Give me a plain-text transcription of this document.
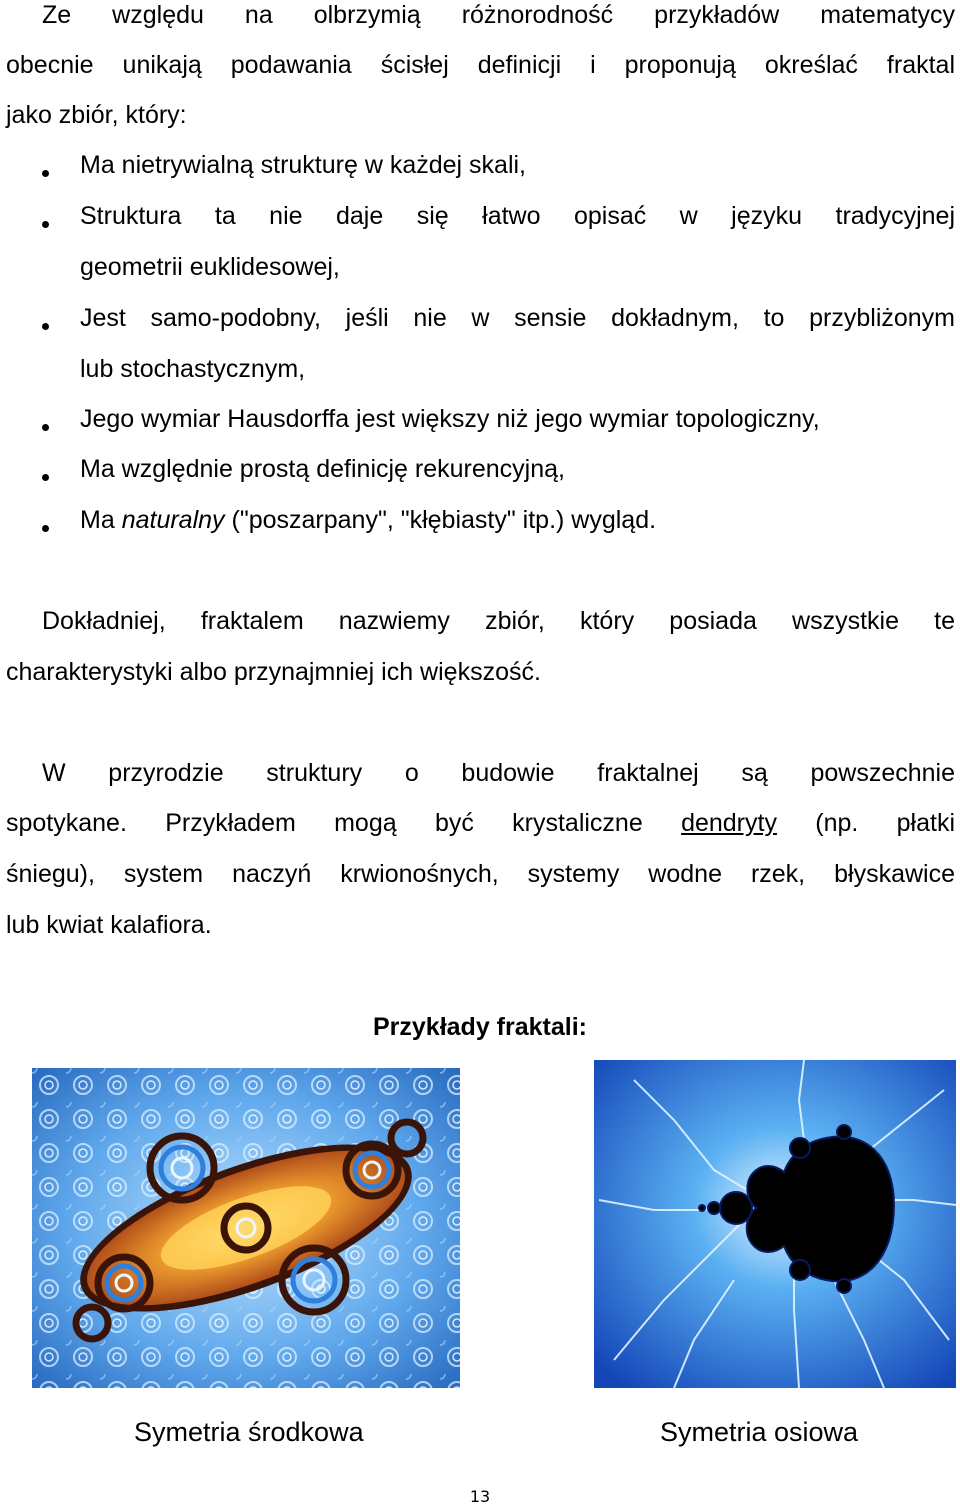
Ze względu na olbrzymią różnorodność przykładów matematycy
obecnie unikają podawania ścisłej definicji i proponują określać fraktal
jako zbiór, który:
Ma nietrywialną strukturę w każdej skali,
Struktura ta nie daje się łatwo opisać w języku tradycyjnej
geometrii euklidesowej,
Jest samo-podobny, jeśli nie w sensie dokładnym, to przybliżonym
lub stochastycznym,
Jego wymiar Hausdorffa jest większy niż jego wymiar topologiczny,
Ma względnie prostą definicję rekurencyjną,
Ma naturalny ("poszarpany", "kłębiasty" itp.) wygląd.
Dokładniej, fraktalem nazwiemy zbiór, który posiada wszystkie te
charakterystyki albo przynajmniej ich większość.
W przyrodzie struktury o budowie fraktalnej są powszechnie
spotykane. Przykładem mogą być krystaliczne dendryty (np. płatki
śniegu), system naczyń krwionośnych, systemy wodne rzek, błyskawice
lub kwiat kalafiora.
Przykłady fraktali:
Symetria środkowa	Symetria osiowa
13
